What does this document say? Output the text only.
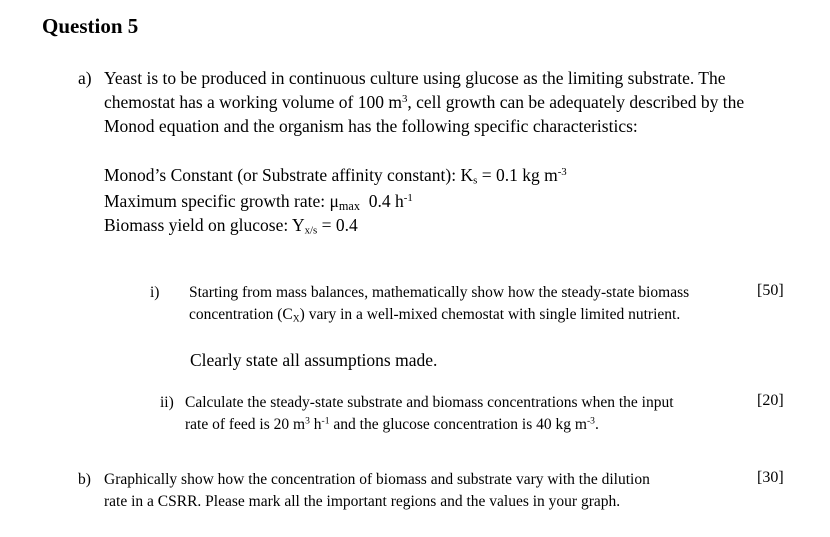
Question 5
a) Yeast is to be produced in continuous culture using glucose as the limiting substrate. The
chemostat has a working volume of 100 $m^3$, cell growth can be adequately described by the
Monod equation and the organism has the following specific characteristics:
Monod’s Constant (or Substrate affinity constant): $K_s = 0.1$ kg $m^{-3}$
Maximum specific growth rate: $\mu_{max}$  0.4 $h^{-1}$
Biomass yield on glucose: $Y_{x/s} = 0.4$
i) Starting from mass balances, mathematically show how the steady-state biomass
concentration $(C_X)$ vary in a well-mixed chemostat with single limited nutrient.
[50]
Clearly state all assumptions made.
ii) Calculate the steady-state substrate and biomass concentrations when the input
rate of feed is 20 $m^3$ $h^{-1}$ and the glucose concentration is 40 kg $m^{-3}$.
[20]
b) Graphically show how the concentration of biomass and substrate vary with the dilution
rate in a CSRR. Please mark all the important regions and the values in your graph.
[30]
